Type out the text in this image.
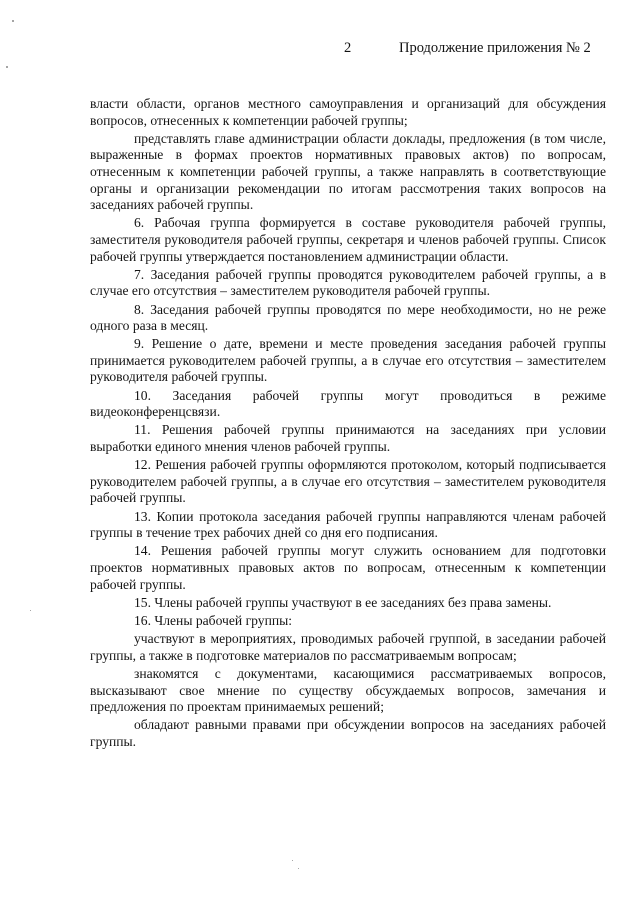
2	Продолжение приложения № 2

власти области, органов местного самоуправления и организаций для обсуждения вопросов, отнесенных к компетенции рабочей группы;

представлять главе администрации области доклады, предложения (в том числе, выраженные в формах проектов нормативных правовых актов) по вопросам, отнесенным к компетенции рабочей группы, а также направлять в соответствующие органы и организации рекомендации по итогам рассмотрения таких вопросов на заседаниях рабочей группы.

6. Рабочая группа формируется в составе руководителя рабочей группы, заместителя руководителя рабочей группы, секретаря и членов рабочей группы. Список рабочей группы утверждается постановлением администрации области.

7. Заседания рабочей группы проводятся руководителем рабочей группы, а в случае его отсутствия – заместителем руководителя рабочей группы.

8. Заседания рабочей группы проводятся по мере необходимости, но не реже одного раза в месяц.

9. Решение о дате, времени и месте проведения заседания рабочей группы принимается руководителем рабочей группы, а в случае его отсутствия – заместителем руководителя рабочей группы.

10. Заседания рабочей группы могут проводиться в режиме видеоконференцсвязи.

11. Решения рабочей группы принимаются на заседаниях при условии выработки единого мнения членов рабочей группы.

12. Решения рабочей группы оформляются протоколом, который подписывается руководителем рабочей группы, а в случае его отсутствия – заместителем руководителя рабочей группы.

13. Копии протокола заседания рабочей группы направляются членам рабочей группы в течение трех рабочих дней со дня его подписания.

14. Решения рабочей группы могут служить основанием для подготовки проектов нормативных правовых актов по вопросам, отнесенным к компетенции рабочей группы.

15. Члены рабочей группы участвуют в ее заседаниях без права замены.

16. Члены рабочей группы:

участвуют в мероприятиях, проводимых рабочей группой, в заседании рабочей группы, а также в подготовке материалов по рассматриваемым вопросам;

знакомятся с документами, касающимися рассматриваемых вопросов, высказывают свое мнение по существу обсуждаемых вопросов, замечания и предложения по проектам принимаемых решений;

обладают равными правами при обсуждении вопросов на заседаниях рабочей группы.
